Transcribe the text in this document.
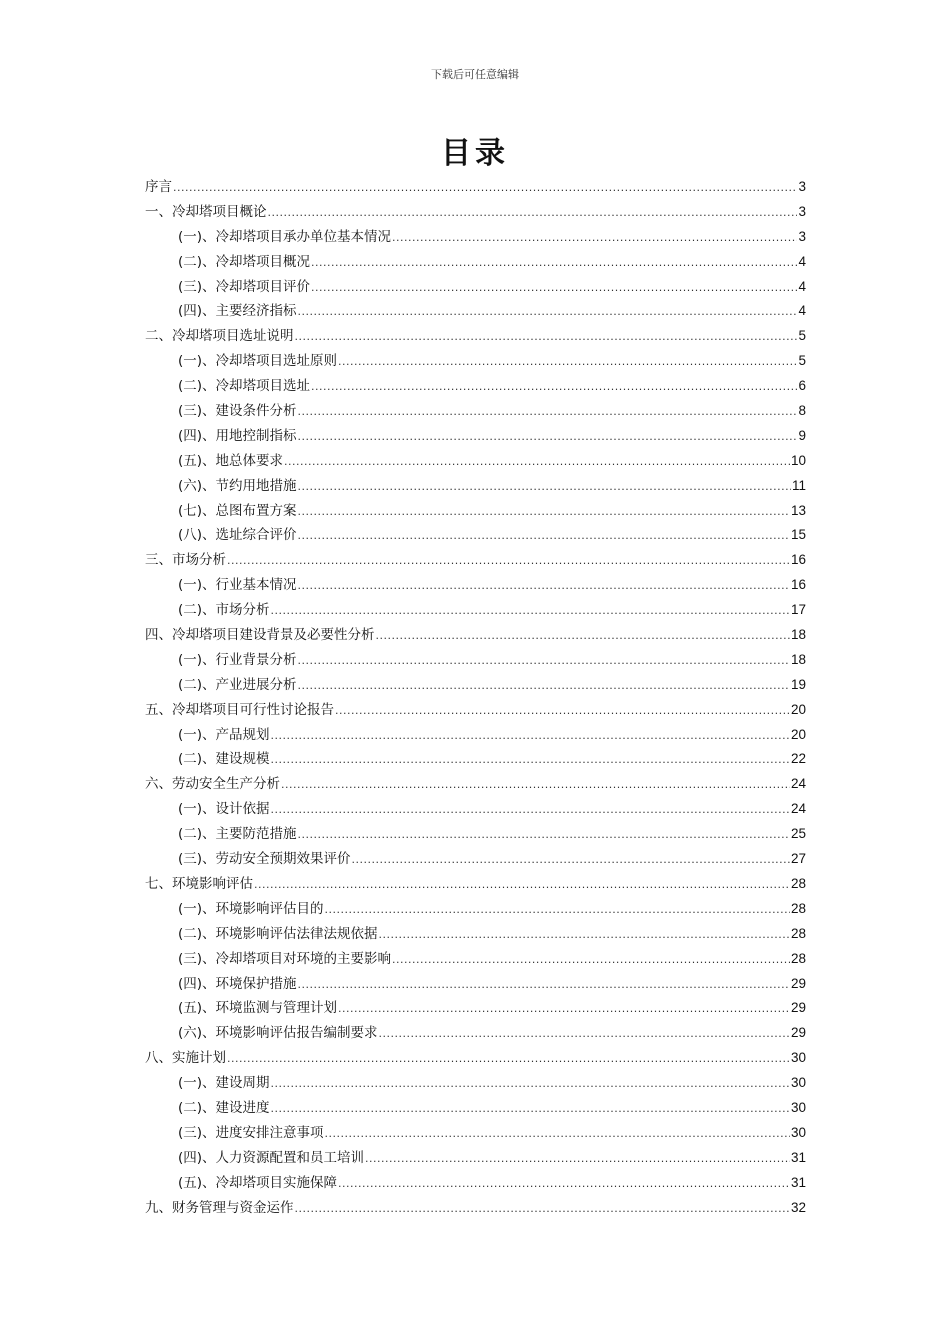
下载后可任意编辑
目录
序言 .....	3
一、冷却塔项目概论 .....	3
(一)、冷却塔项目承办单位基本情况 .....	3
(二)、冷却塔项目概况 .....	4
(三)、冷却塔项目评价 .....	4
(四)、主要经济指标 .....	4
二、冷却塔项目选址说明 .....	5
(一)、冷却塔项目选址原则 .....	5
(二)、冷却塔项目选址 .....	6
(三)、建设条件分析 .....	8
(四)、用地控制指标 .....	9
(五)、地总体要求 .....	10
(六)、节约用地措施 .....	11
(七)、总图布置方案 .....	13
(八)、选址综合评价 .....	15
三、市场分析 .....	16
(一)、行业基本情况 .....	16
(二)、市场分析 .....	17
四、冷却塔项目建设背景及必要性分析 .....	18
(一)、行业背景分析 .....	18
(二)、产业进展分析 .....	19
五、冷却塔项目可行性讨论报告 .....	20
(一)、产品规划 .....	20
(二)、建设规模 .....	22
六、劳动安全生产分析 .....	24
(一)、设计依据 .....	24
(二)、主要防范措施 .....	25
(三)、劳动安全预期效果评价 .....	27
七、环境影响评估 .....	28
(一)、环境影响评估目的 .....	28
(二)、环境影响评估法律法规依据 .....	28
(三)、冷却塔项目对环境的主要影响 .....	28
(四)、环境保护措施 .....	29
(五)、环境监测与管理计划 .....	29
(六)、环境影响评估报告编制要求 .....	29
八、实施计划 .....	30
(一)、建设周期 .....	30
(二)、建设进度 .....	30
(三)、进度安排注意事项 .....	30
(四)、人力资源配置和员工培训 .....	31
(五)、冷却塔项目实施保障 .....	31
九、财务管理与资金运作 .....	32
